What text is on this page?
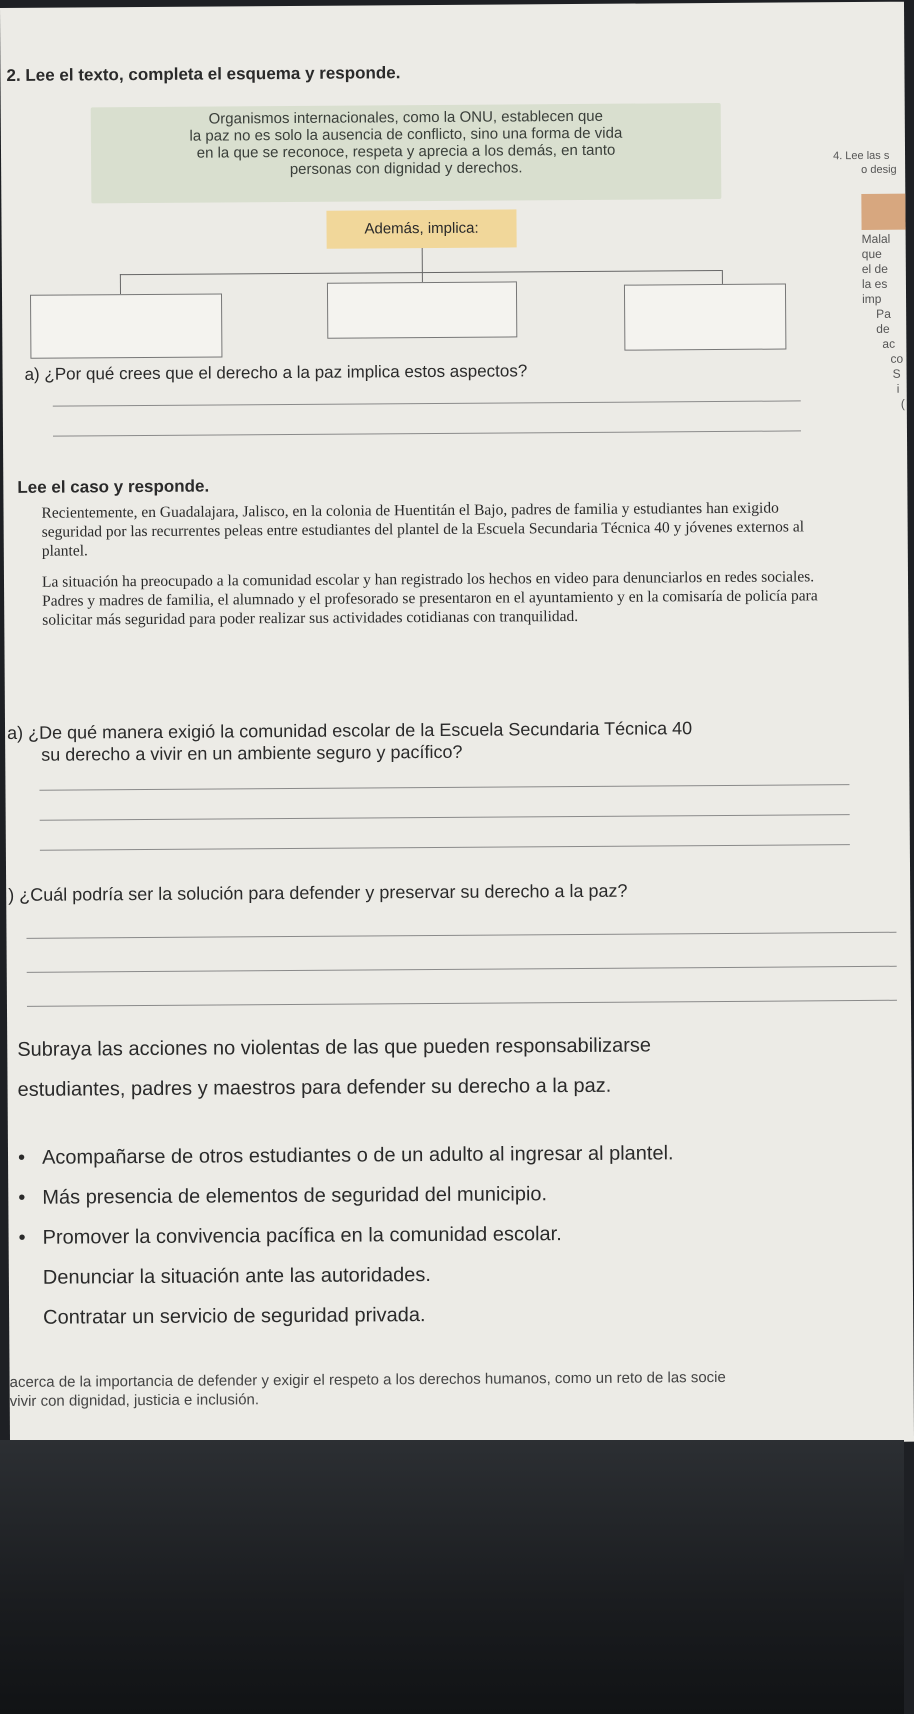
2. Lee el texto, completa el esquema y responde.
Organismos internacionales, como la ONU, establecen que
la paz no es solo la ausencia de conflicto, sino una forma de vida
en la que se reconoce, respeta y aprecia a los demás, en tanto
personas con dignidad y derechos.
Además, implica:
a) ¿Por qué crees que el derecho a la paz implica estos aspectos?
Lee el caso y responde.

Recientemente, en Guadalajara, Jalisco, en la colonia de Huentitán el Bajo, padres de familia y estudiantes han exigido seguridad por las recurrentes peleas entre estudiantes del plantel de la Escuela Secundaria Técnica 40 y jóvenes externos al plantel.

La situación ha preocupado a la comunidad escolar y han registrado los hechos en video para denunciarlos en redes sociales. Padres y madres de familia, el alumnado y el profesorado se presentaron en el ayuntamiento y en la comisaría de policía para solicitar más seguridad para poder realizar sus actividades cotidianas con tranquilidad.

a) ¿De qué manera exigió la comunidad escolar de la Escuela Secundaria Técnica 40
su derecho a vivir en un ambiente seguro y pacífico?
) ¿Cuál podría ser la solución para defender y preservar su derecho a la paz?
Subraya las acciones no violentas de las que pueden responsabilizarse
estudiantes, padres y maestros para defender su derecho a la paz.
• Acompañarse de otros estudiantes o de un adulto al ingresar al plantel.
• Más presencia de elementos de seguridad del municipio.
• Promover la convivencia pacífica en la comunidad escolar.
Denunciar la situación ante las autoridades.
Contratar un servicio de seguridad privada.
acerca de la importancia de defender y exigir el respeto a los derechos humanos, como un reto de las socie
vivir con dignidad, justicia e inclusión.
4. Lee las s
o desig
Malal
que
el de
la es
imp
Pa
de
ac
co
S
i
(
